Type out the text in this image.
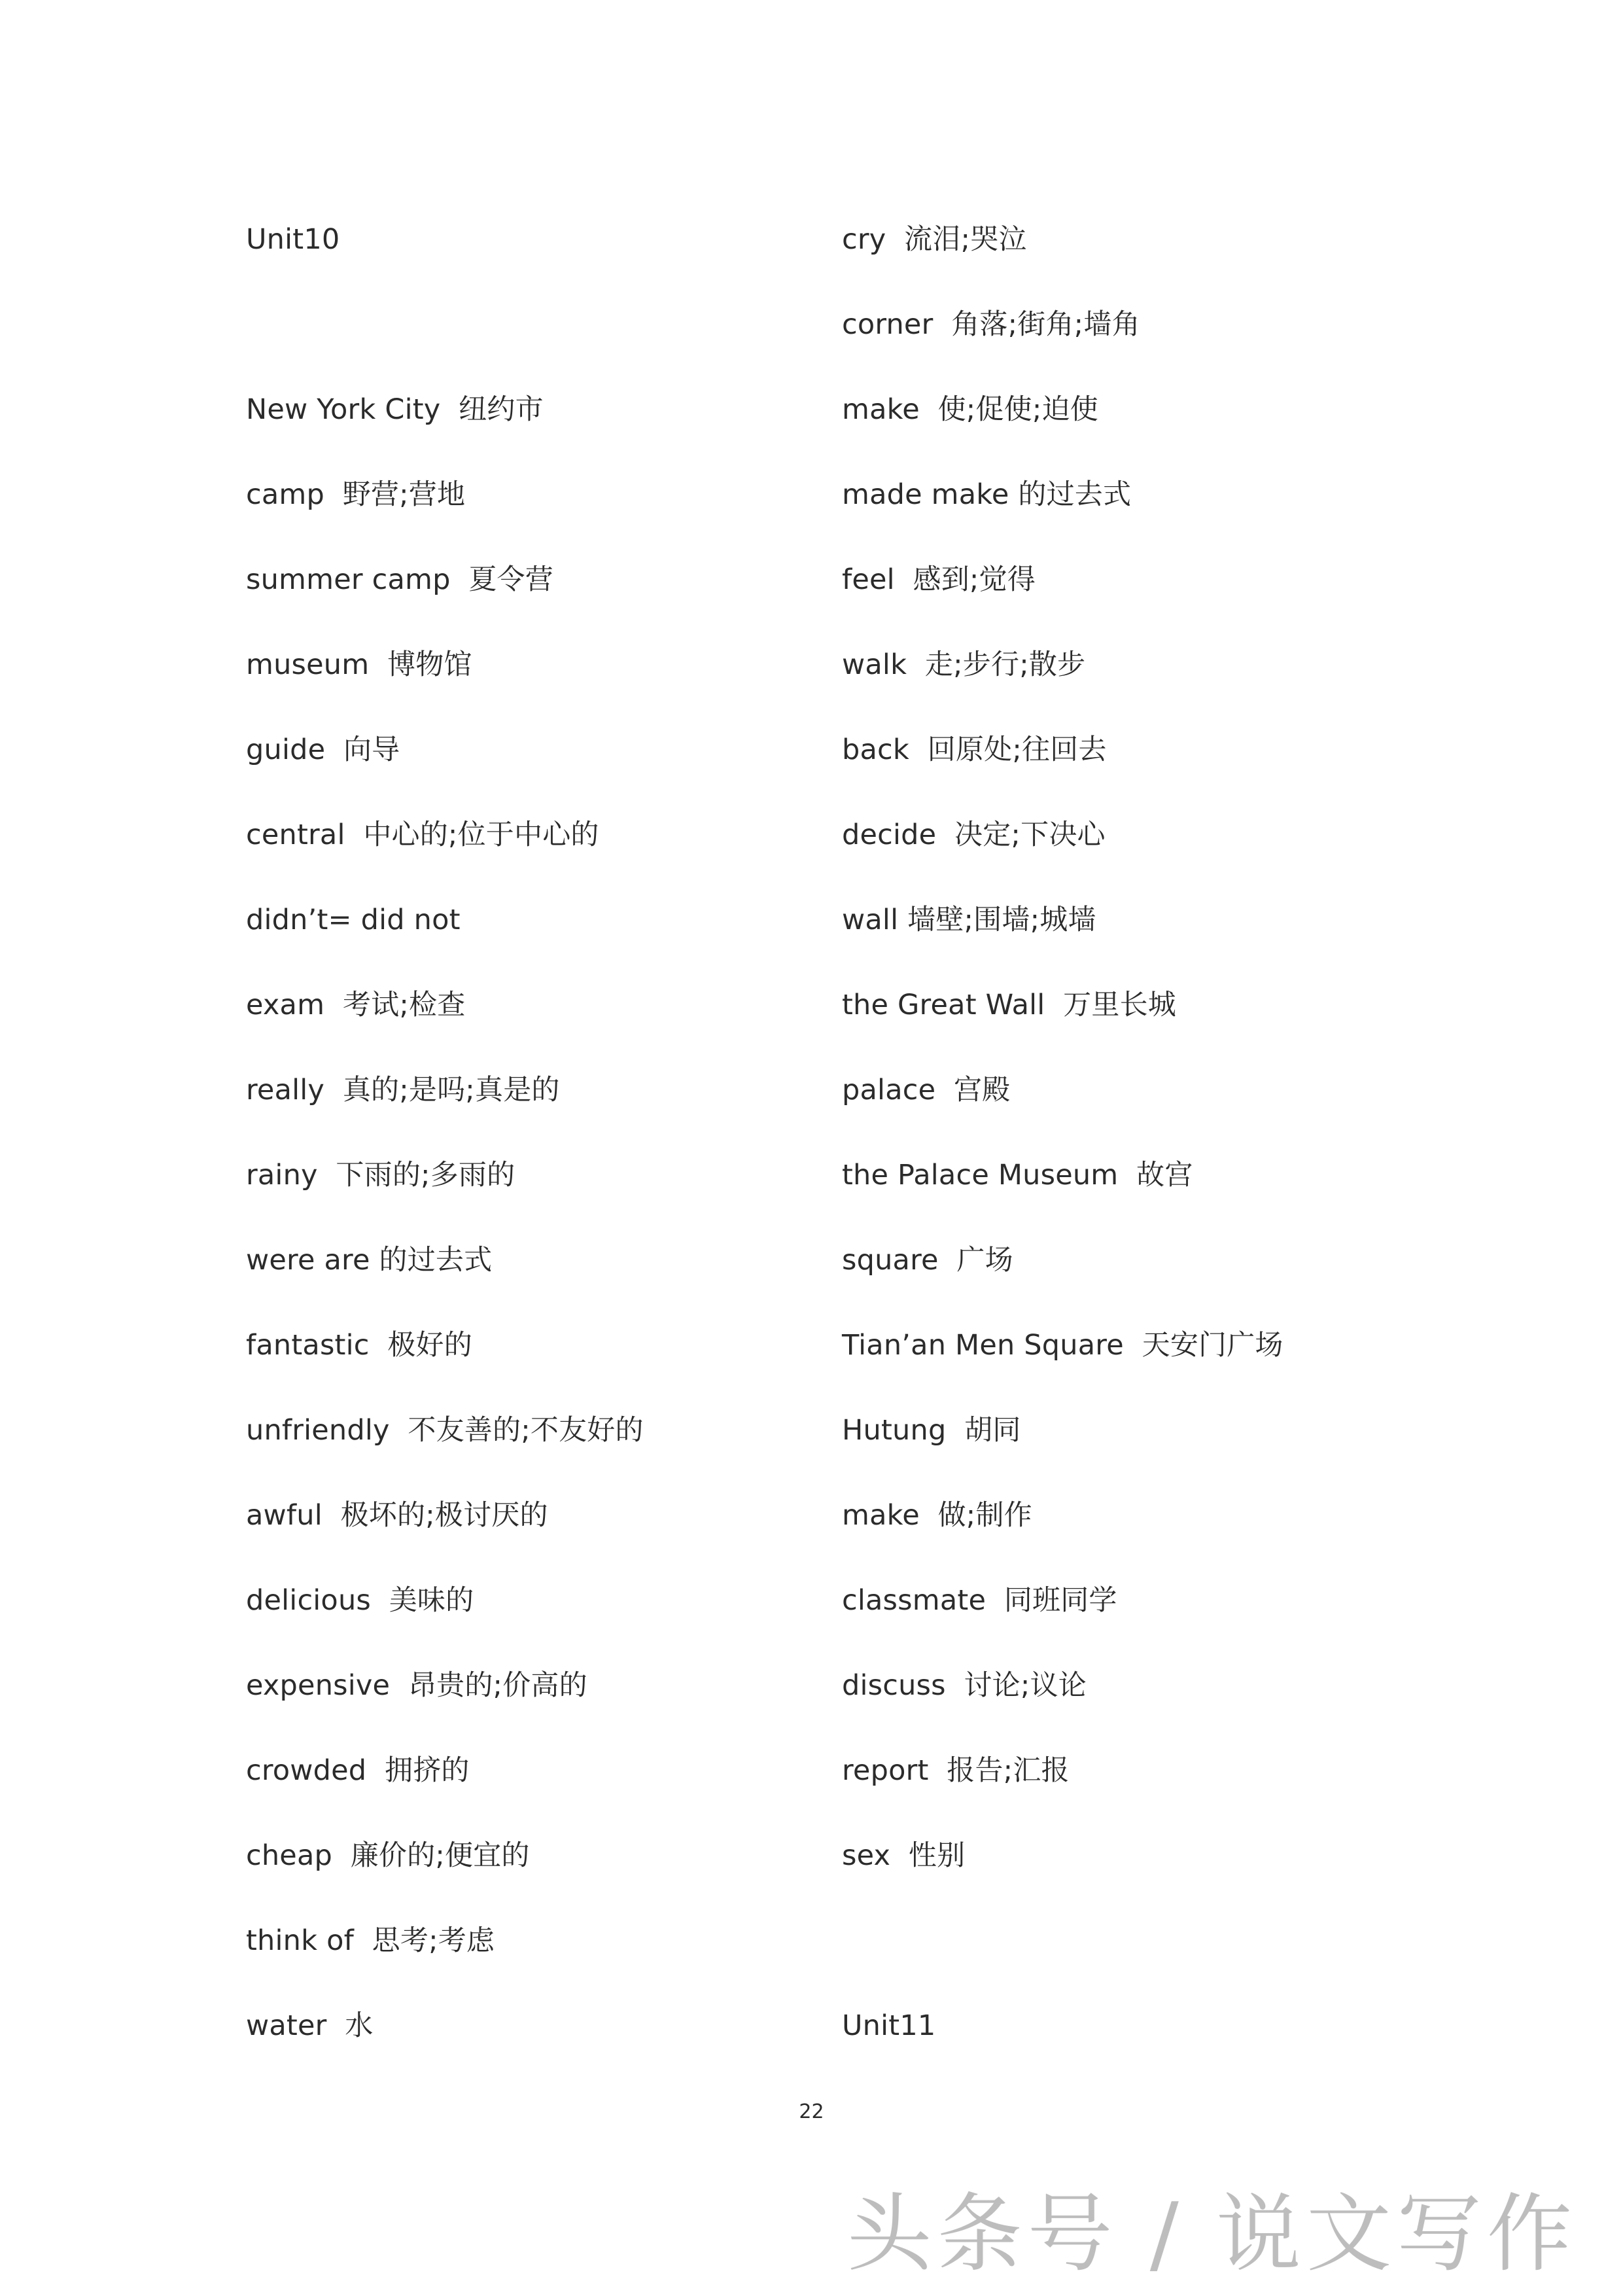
Unit10
New York City  纽约市
camp  野营;营地
summer camp  夏令营
museum  博物馆
guide  向导
central  中心的;位于中心的
didn’t= did not
exam  考试;检查
really  真的;是吗;真是的
rainy  下雨的;多雨的
were are 的过去式
fantastic  极好的
unfriendly  不友善的;不友好的
awful  极坏的;极讨厌的
delicious  美味的
expensive  昂贵的;价高的
crowded  拥挤的
cheap  廉价的;便宜的
think of  思考;考虑
water  水
cry  流泪;哭泣
corner  角落;街角;墙角
make  使;促使;迫使
made make 的过去式
feel  感到;觉得
walk  走;步行;散步
back  回原处;往回去
decide  决定;下决心
wall 墙壁;围墙;城墙
the Great Wall  万里长城
palace  宫殿
the Palace Museum  故宫
square  广场
Tian’an Men Square  天安门广场
Hutung  胡同
make  做;制作
classmate  同班同学
discuss  讨论;议论
report  报告;汇报
sex  性别
Unit11
22
头条号 / 说文写作
